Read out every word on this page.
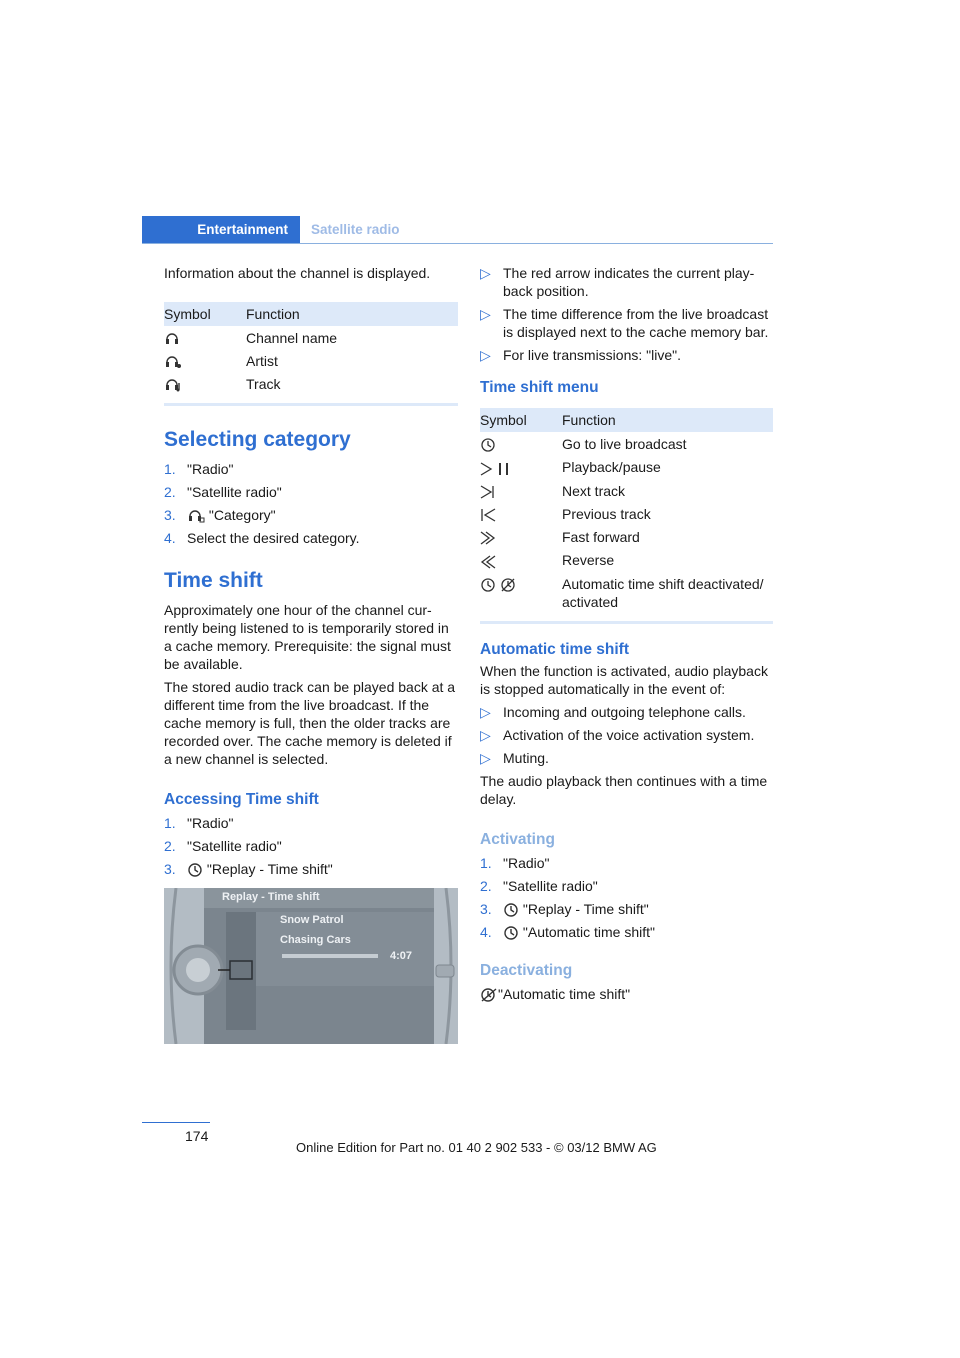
Entertainment	Satellite radio

Information about the channel is displayed.

Symbol	Function
	Channel name
	Artist
	Track

Selecting category
1. "Radio"
2. "Satellite radio"
3. "Category"
4. Select the desired category.
Time shift

Approximately one hour of the channel cur-rently being listened to is temporarily stored in a cache memory. Prerequisite: the signal must be available.

The stored audio track can be played back at a different time from the live broadcast. If the cache memory is full, then the older tracks are recorded over. The cache memory is deleted if a new channel is selected.

Accessing Time shift
1. "Radio"
2. "Satellite radio"
3. "Replay - Time shift"
Replay - Time shift
Snow Patrol
Chasing Cars
4:07
▷ The red arrow indicates the current play-back position.
▷ The time difference from the live broadcast is displayed next to the cache memory bar.
▷ For live transmissions: "live".
Time shift menu
Symbol	Function
	Go to live broadcast
	Playback/pause
	Next track
	Previous track
	Fast forward
	Reverse
	Automatic time shift deactivated/ activated

Automatic time shift

When the function is activated, audio playback is stopped automatically in the event of:

▷ Incoming and outgoing telephone calls.
▷ Activation of the voice activation system.
▷ Muting.

The audio playback then continues with a time delay.

Activating
1. "Radio"
2. "Satellite radio"
3. "Replay - Time shift"
4. "Automatic time shift"
Deactivating

"Automatic time shift"

174
Online Edition for Part no. 01 40 2 902 533 - © 03/12 BMW AG
